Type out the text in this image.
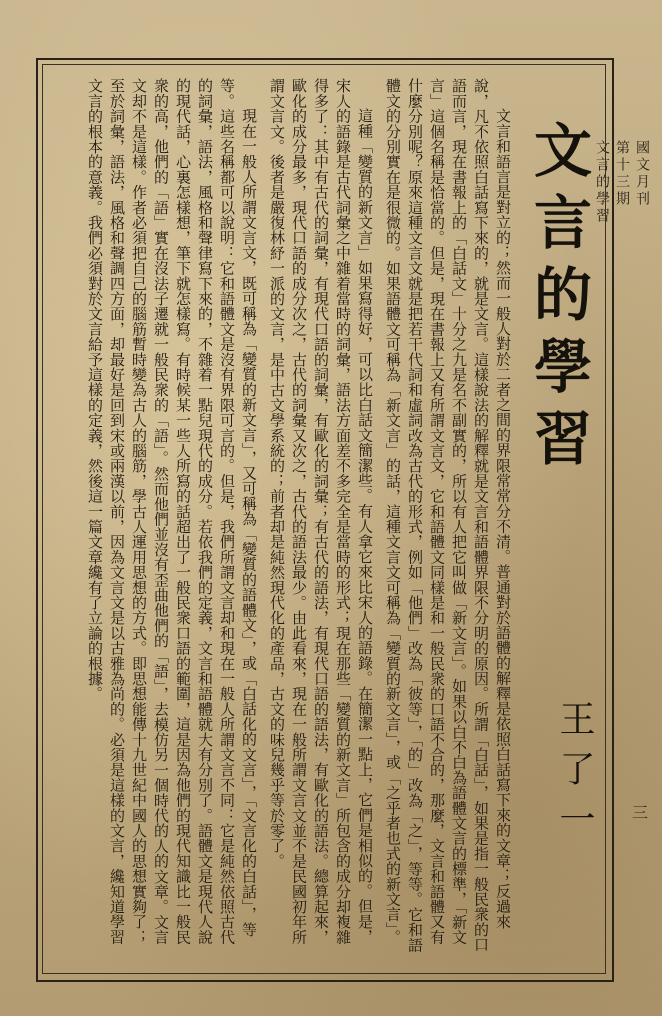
國文月刊
第十三期
文言的學習
三
文言的學習
王了一

文言和語言是對立的；然而一般人對於二者之間的界限常常分不清。普通對於語體的解釋是依照白話寫下來的文章；反過來說，凡不依照白話寫下來的，就是文言。這樣說法的解釋就是文言和語體界限不分明的原因。所謂「白話」，如果是指一般民衆的口語而言，現在書報上的「白話文」十分之九是名不副實的，所以有人把它叫做「新文言」。如果以白不白為語體文言的標準，「新文言」這個名稱是恰當的。但是，現在書報上又有所謂文言文，它和語體文同樣是和一般民衆的口語不合的，那麼，文言和語體又有什麼分別呢？原來這種文言文就是把若干代詞和虛詞改為古代的形式，例如「他們」改為「彼等」，「的」改為「之」，等等。它和語體文的分別實在是很微的。如果語體文可稱為「新文言」的話，這種文言文可稱為「變質的新文言」，或「之乎者也式的新文言」。

這種「變質的新文言」如果寫得好，可以比白話文簡潔些。有人拿它來比宋人的語錄。在簡潔一點上，它們是相似的。但是，宋人的語錄是古代詞彙之中雜着當時的詞彙，語法方面差不多完全是當時的形式；現在那些「變質的新文言」所包含的成分却複雜得多了：其中有古代的詞彙，有現代口語的詞彙，有歐化的詞彙；有古代的語法，有現代口語的語法，有歐化的語法。總算起來，歐化的成分最多，現代口語的成分次之，古代的詞彙又次之，古代的語法最少。由此看來，現在一般所謂文言文並不是民國初年所謂文言文。後者是嚴復林紓一派的文言，是中古文學系統的；前者却是純然現代化的產品，古文的味兒幾乎等於零了。

現在一般人所謂文言文，既可稱為「變質的新文言」，又可稱為「變質的語體文」，或「白話化的文言」，「文言化的白話」，等等。這些名稱都可以說明：它和語體文是沒有界限可言的。但是，我們所謂文言却和現在一般人所謂文言不同：它是純然依照古代的詞彙，語法，風格和聲律寫下來的，不雜着一點兒現代的成分。若依我們的定義，文言和語體就大有分別了。語體文是現代人說的現代話，心裏怎樣想，筆下就怎樣寫。有時候某一些人所寫的話超出了一般民衆口語的範圍，這是因為他們的現代知識比一般民衆的高，他們的「語」實在沒法子遷就一般民衆的「語」。然而他們並沒有歪曲他們的「語」，去模仿另一個時代的人的文章。文言文却不是這樣。作者必須把自己的腦筋暫時變為古人的腦筋，學古人運用思想的方式。即思想能傳十九世紀中國人的思想實夠了；至於詞彙，語法，風格和聲調四方面，却最好是回到宋或兩漢以前，因為文言文是以古雅為尚的。必須是這樣的文言，纔知道學習文言的根本的意義。我們必須對於文言給予這樣的定義，然後這一篇文章纔有了立論的根據。
